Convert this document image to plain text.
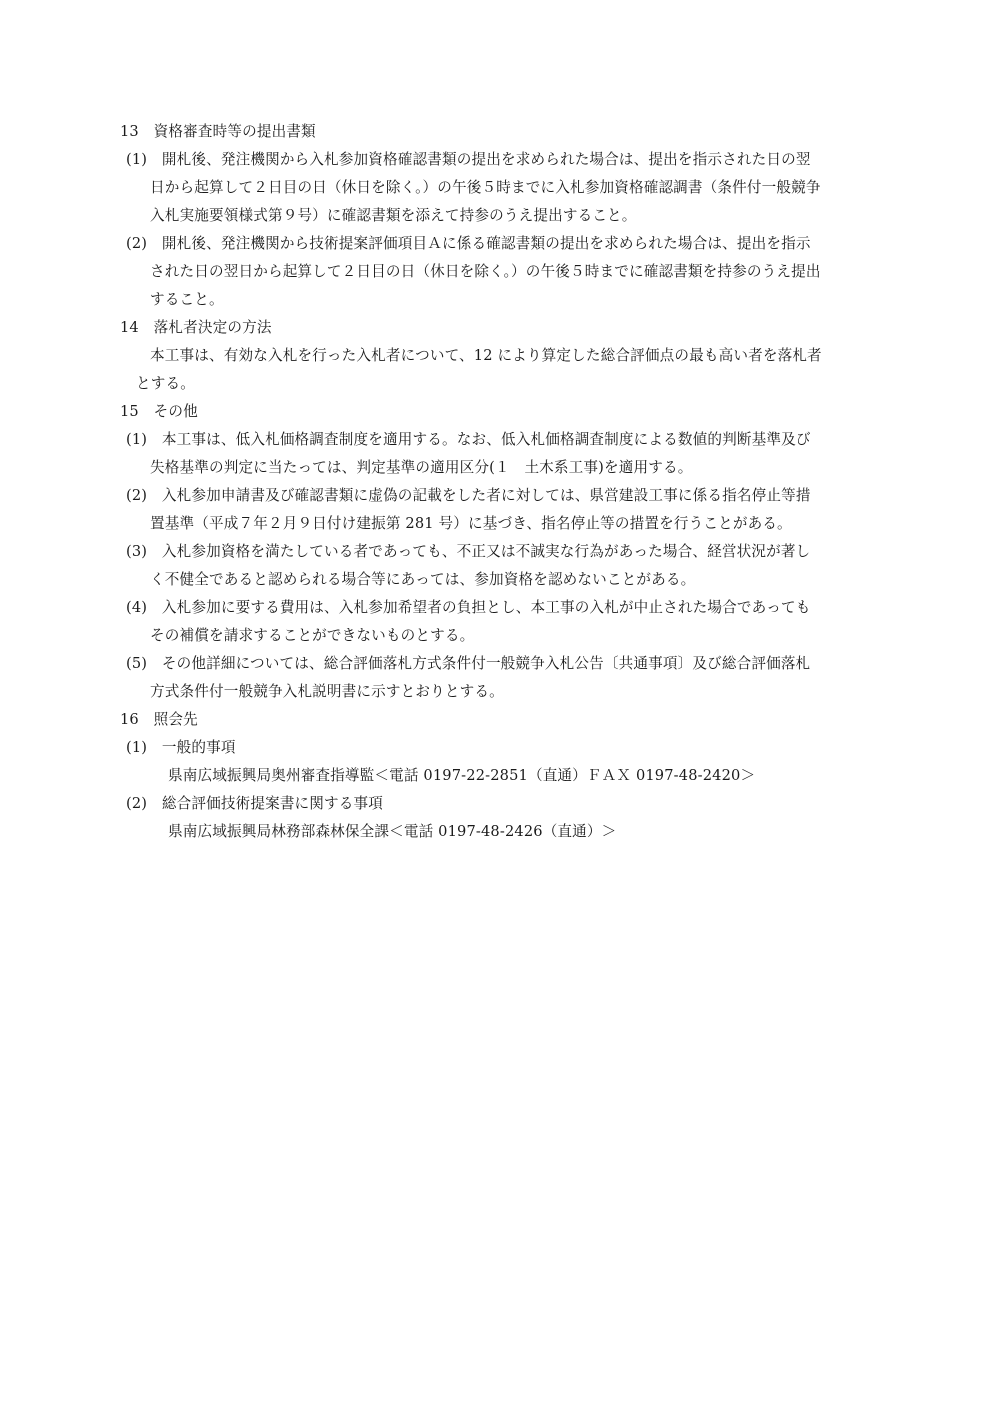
13　資格審査時等の提出書類
(1)　開札後、発注機関から入札参加資格確認書類の提出を求められた場合は、提出を指示された日の翌
日から起算して２日目の日（休日を除く。）の午後５時までに入札参加資格確認調書（条件付一般競争
入札実施要領様式第９号）に確認書類を添えて持参のうえ提出すること。
(2)　開札後、発注機関から技術提案評価項目Ａに係る確認書類の提出を求められた場合は、提出を指示
された日の翌日から起算して２日目の日（休日を除く。）の午後５時までに確認書類を持参のうえ提出
すること。
14　落札者決定の方法
本工事は、有効な入札を行った入札者について、12 により算定した総合評価点の最も高い者を落札者
とする。
15　その他
(1)　本工事は、低入札価格調査制度を適用する。なお、低入札価格調査制度による数値的判断基準及び
失格基準の判定に当たっては、判定基準の適用区分(１　土木系工事)を適用する。
(2)　入札参加申請書及び確認書類に虚偽の記載をした者に対しては、県営建設工事に係る指名停止等措
置基準（平成７年２月９日付け建振第 281 号）に基づき、指名停止等の措置を行うことがある。
(3)　入札参加資格を満たしている者であっても、不正又は不誠実な行為があった場合、経営状況が著し
く不健全であると認められる場合等にあっては、参加資格を認めないことがある。
(4)　入札参加に要する費用は、入札参加希望者の負担とし、本工事の入札が中止された場合であっても
その補償を請求することができないものとする。
(5)　その他詳細については、総合評価落札方式条件付一般競争入札公告〔共通事項〕及び総合評価落札
方式条件付一般競争入札説明書に示すとおりとする。
16　照会先
(1)　一般的事項
県南広域振興局奥州審査指導監＜電話 0197-22-2851（直通）ＦＡＸ 0197-48-2420＞
(2)　総合評価技術提案書に関する事項
県南広域振興局林務部森林保全課＜電話 0197-48-2426（直通）＞
